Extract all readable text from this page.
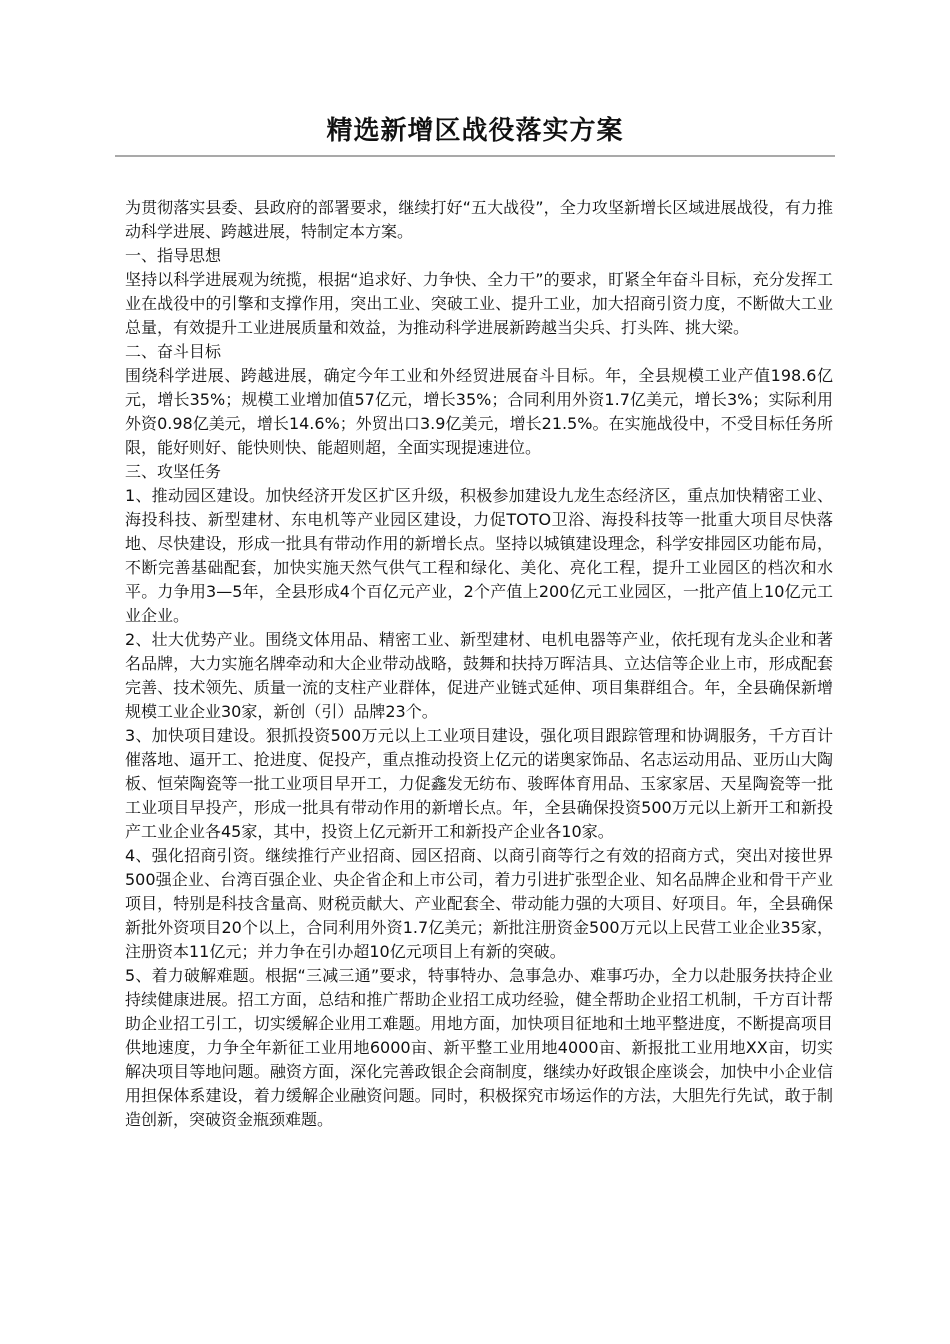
精选新增区战役落实方案

为贯彻落实县委、县政府的部署要求，继续打好“五大战役”，全力攻坚新增长区域进展战役，有力推动科学进展、跨越进展，特制定本方案。

一、指导思想

坚持以科学进展观为统揽，根据“追求好、力争快、全力干”的要求，盯紧全年奋斗目标，充分发挥工业在战役中的引擎和支撑作用，突出工业、突破工业、提升工业，加大招商引资力度，不断做大工业总量，有效提升工业进展质量和效益，为推动科学进展新跨越当尖兵、打头阵、挑大梁。

二、奋斗目标

围绕科学进展、跨越进展，确定今年工业和外经贸进展奋斗目标。年，全县规模工业产值198.6亿元，增长35%；规模工业增加值57亿元，增长35%；合同利用外资1.7亿美元，增长3%；实际利用外资0.98亿美元，增长14.6%；外贸出口3.9亿美元，增长21.5%。在实施战役中，不受目标任务所限，能好则好、能快则快、能超则超，全面实现提速进位。

三、攻坚任务

1、推动园区建设。加快经济开发区扩区升级，积极参加建设九龙生态经济区，重点加快精密工业、海投科技、新型建材、东电机等产业园区建设，力促TOTO卫浴、海投科技等一批重大项目尽快落地、尽快建设，形成一批具有带动作用的新增长点。坚持以城镇建设理念，科学安排园区功能布局，不断完善基础配套，加快实施天然气供气工程和绿化、美化、亮化工程，提升工业园区的档次和水平。力争用3—5年，全县形成4个百亿元产业，2个产值上200亿元工业园区，一批产值上10亿元工业企业。

2、壮大优势产业。围绕文体用品、精密工业、新型建材、电机电器等产业，依托现有龙头企业和著名品牌，大力实施名牌牵动和大企业带动战略，鼓舞和扶持万晖洁具、立达信等企业上市，形成配套完善、技术领先、质量一流的支柱产业群体，促进产业链式延伸、项目集群组合。年，全县确保新增规模工业企业30家，新创（引）品牌23个。

3、加快项目建设。狠抓投资500万元以上工业项目建设，强化项目跟踪管理和协调服务，千方百计催落地、逼开工、抢进度、促投产，重点推动投资上亿元的诺奥家饰品、名志运动用品、亚历山大陶板、恒荣陶瓷等一批工业项目早开工，力促鑫发无纺布、骏晖体育用品、玉家家居、天星陶瓷等一批工业项目早投产，形成一批具有带动作用的新增长点。年，全县确保投资500万元以上新开工和新投产工业企业各45家，其中，投资上亿元新开工和新投产企业各10家。

4、强化招商引资。继续推行产业招商、园区招商、以商引商等行之有效的招商方式，突出对接世界500强企业、台湾百强企业、央企省企和上市公司，着力引进扩张型企业、知名品牌企业和骨干产业项目，特别是科技含量高、财税贡献大、产业配套全、带动能力强的大项目、好项目。年，全县确保新批外资项目20个以上，合同利用外资1.7亿美元；新批注册资金500万元以上民营工业企业35家，注册资本11亿元；并力争在引办超10亿元项目上有新的突破。

5、着力破解难题。根据“三减三通”要求，特事特办、急事急办、难事巧办，全力以赴服务扶持企业持续健康进展。招工方面，总结和推广帮助企业招工成功经验，健全帮助企业招工机制，千方百计帮助企业招工引工，切实缓解企业用工难题。用地方面，加快项目征地和土地平整进度，不断提高项目供地速度，力争全年新征工业用地6000亩、新平整工业用地4000亩、新报批工业用地XX亩，切实解决项目等地问题。融资方面，深化完善政银企会商制度，继续办好政银企座谈会，加快中小企业信用担保体系建设，着力缓解企业融资问题。同时，积极探究市场运作的方法，大胆先行先试，敢于制造创新，突破资金瓶颈难题。
